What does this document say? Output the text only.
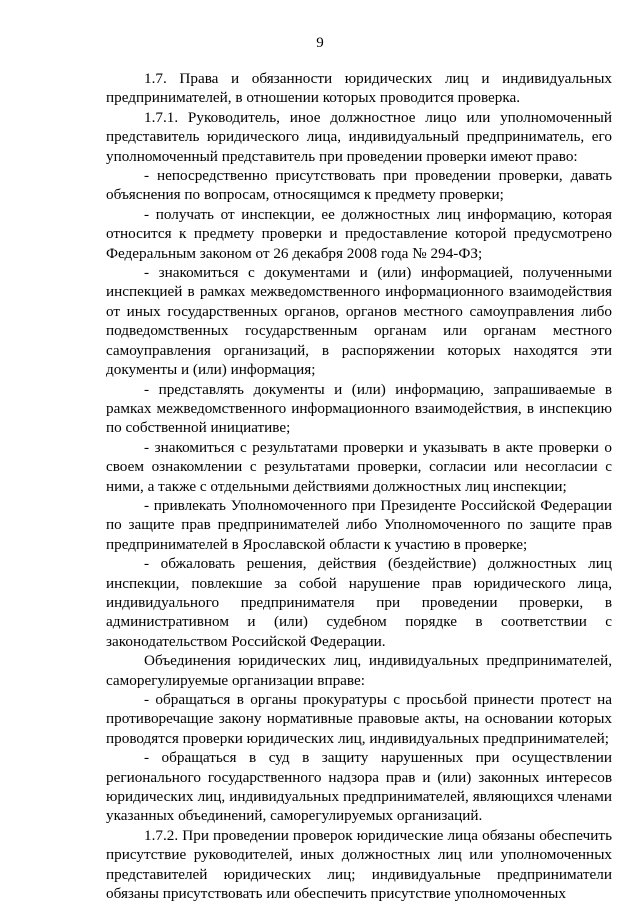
9

1.7. Права и обязанности юридических лиц и индивидуальных предпринимателей, в отношении которых проводится проверка.

1.7.1. Руководитель, иное должностное лицо или уполномоченный представитель юридического лица, индивидуальный предприниматель, его уполномоченный представитель при проведении проверки имеют право:

- непосредственно присутствовать при проведении проверки, давать объяснения по вопросам, относящимся к предмету проверки;

- получать от инспекции, ее должностных лиц информацию, которая относится к предмету проверки и предоставление которой предусмотрено Федеральным законом от 26 декабря 2008 года № 294-ФЗ;

- знакомиться с документами и (или) информацией, полученными инспекцией в рамках межведомственного информационного взаимодействия от иных государственных органов, органов местного самоуправления либо подведомственных государственным органам или органам местного самоуправления организаций, в распоряжении которых находятся эти документы и (или) информация;

- представлять документы и (или) информацию, запрашиваемые в рамках межведомственного информационного взаимодействия, в инспекцию по собственной инициативе;

- знакомиться с результатами проверки и указывать в акте проверки о своем ознакомлении с результатами проверки, согласии или несогласии с ними, а также с отдельными действиями должностных лиц инспекции;

- привлекать Уполномоченного при Президенте Российской Федерации по защите прав предпринимателей либо Уполномоченного по защите прав предпринимателей в Ярославской области к участию в проверке;

- обжаловать решения, действия (бездействие) должностных лиц инспекции, повлекшие за собой нарушение прав юридического лица, индивидуального предпринимателя при проведении проверки, в административном и (или) судебном порядке в соответствии с законодательством Российской Федерации.

Объединения юридических лиц, индивидуальных предпринимателей, саморегулируемые организации вправе:

- обращаться в органы прокуратуры с просьбой принести протест на противоречащие закону нормативные правовые акты, на основании которых проводятся проверки юридических лиц, индивидуальных предпринимателей;

- обращаться в суд в защиту нарушенных при осуществлении регионального государственного надзора прав и (или) законных интересов юридических лиц, индивидуальных предпринимателей, являющихся членами указанных объединений, саморегулируемых организаций.

1.7.2. При проведении проверок юридические лица обязаны обеспечить присутствие руководителей, иных должностных лиц или уполномоченных представителей юридических лиц; индивидуальные предприниматели обязаны присутствовать или обеспечить присутствие уполномоченных
